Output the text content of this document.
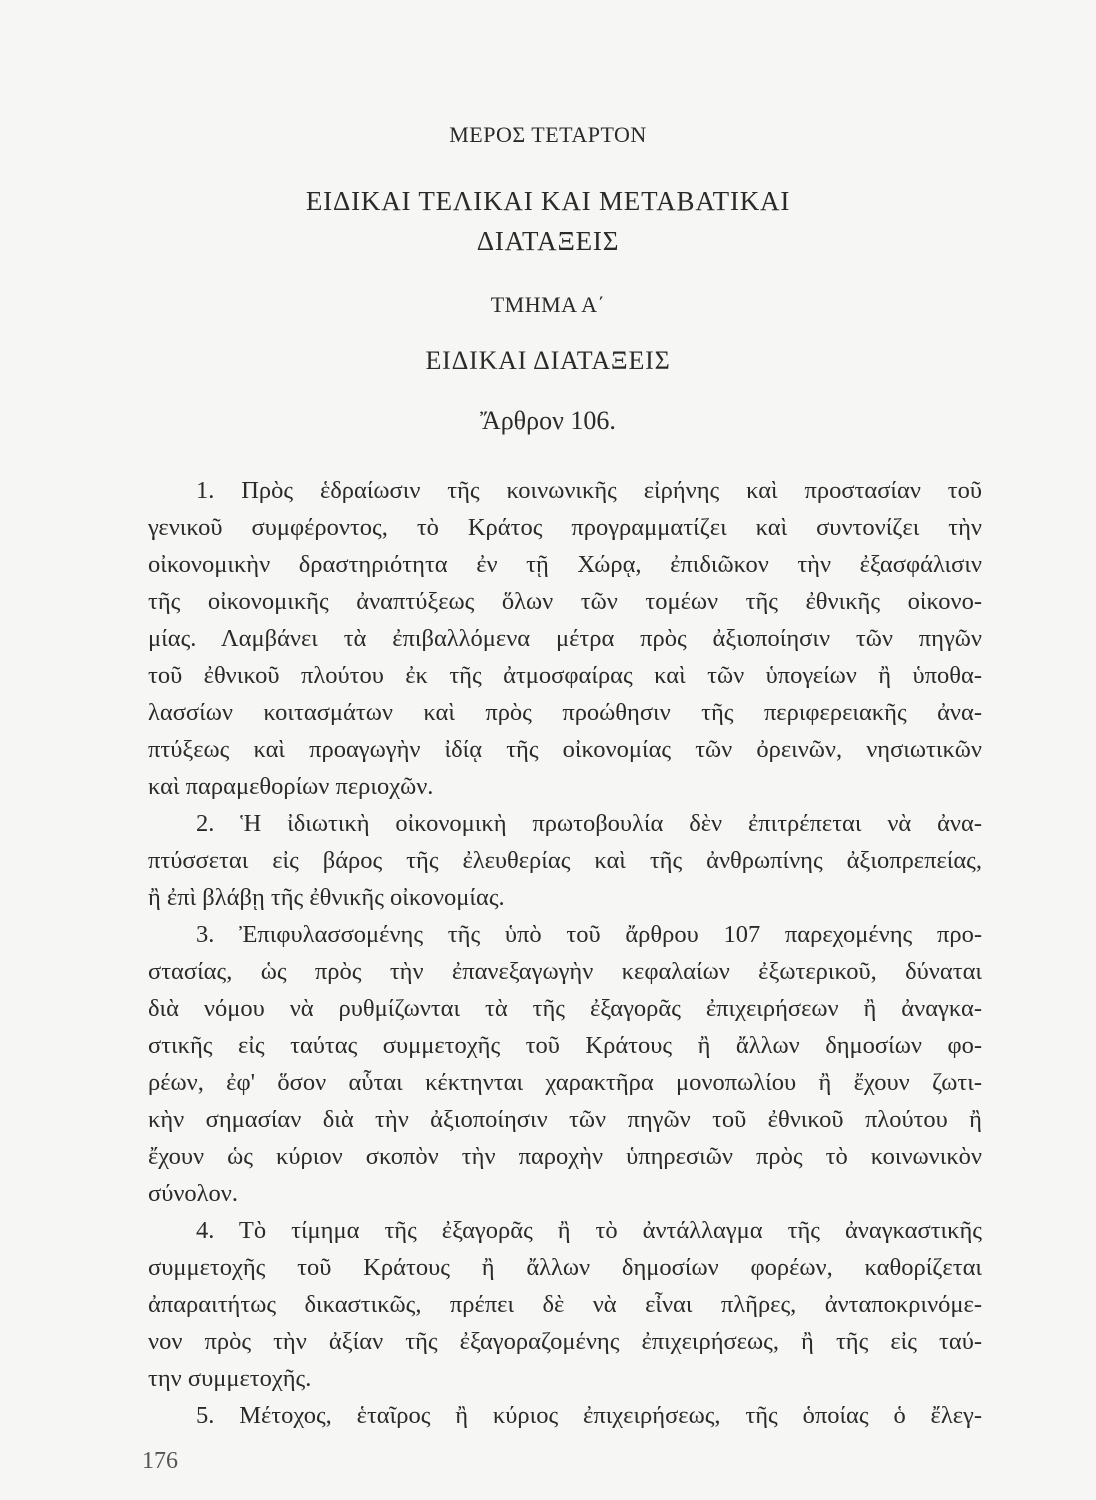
ΜΕΡΟΣ ΤΕΤΑΡΤΟΝ
ΕΙΔΙΚΑΙ ΤΕΛΙΚΑΙ ΚΑΙ ΜΕΤΑΒΑΤΙΚΑΙ
ΔΙΑΤΑΞΕΙΣ
ΤΜΗΜΑ Α΄
ΕΙΔΙΚΑΙ ΔΙΑΤΑΞΕΙΣ
Ἄρθρον 106.
1. Πρὸς ἑδραίωσιν τῆς κοινωνικῆς εἰρήνης καὶ προστασίαν τοῦ
γενικοῦ συμφέροντος, τὸ Κράτος προγραμματίζει καὶ συντονίζει τὴν
οἰκονομικὴν δραστηριότητα ἐν τῇ Χώρᾳ, ἐπιδιῶκον τὴν ἐξασφάλισιν
τῆς οἰκονομικῆς ἀναπτύξεως ὅλων τῶν τομέων τῆς ἐθνικῆς οἰκονο-
μίας. Λαμβάνει τὰ ἐπιβαλλόμενα μέτρα πρὸς ἀξιοποίησιν τῶν πηγῶν
τοῦ ἐθνικοῦ πλούτου ἐκ τῆς ἀτμοσφαίρας καὶ τῶν ὑπογείων ἢ ὑποθα-
λασσίων κοιτασμάτων καὶ πρὸς προώθησιν τῆς περιφερειακῆς ἀνα-
πτύξεως καὶ προαγωγὴν ἰδίᾳ τῆς οἰκονομίας τῶν ὀρεινῶν, νησιωτικῶν
καὶ παραμεθορίων περιοχῶν.
2. Ἡ ἰδιωτικὴ οἰκονομικὴ πρωτοβουλία δὲν ἐπιτρέπεται νὰ ἀνα-
πτύσσεται εἰς βάρος τῆς ἐλευθερίας καὶ τῆς ἀνθρωπίνης ἀξιοπρεπείας,
ἢ ἐπὶ βλάβῃ τῆς ἐθνικῆς οἰκονομίας.
3. Ἐπιφυλασσομένης τῆς ὑπὸ τοῦ ἄρθρου 107 παρεχομένης προ-
στασίας, ὡς πρὸς τὴν ἐπανεξαγωγὴν κεφαλαίων ἐξωτερικοῦ, δύναται
διὰ νόμου νὰ ρυθμίζωνται τὰ τῆς ἐξαγορᾶς ἐπιχειρήσεων ἢ ἀναγκα-
στικῆς εἰς ταύτας συμμετοχῆς τοῦ Κράτους ἢ ἄλλων δημοσίων φο-
ρέων, ἐφ' ὅσον αὗται κέκτηνται χαρακτῆρα μονοπωλίου ἢ ἔχουν ζωτι-
κὴν σημασίαν διὰ τὴν ἀξιοποίησιν τῶν πηγῶν τοῦ ἐθνικοῦ πλούτου ἢ
ἔχουν ὡς κύριον σκοπὸν τὴν παροχὴν ὑπηρεσιῶν πρὸς τὸ κοινωνικὸν
σύνολον.
4. Τὸ τίμημα τῆς ἐξαγορᾶς ἢ τὸ ἀντάλλαγμα τῆς ἀναγκαστικῆς
συμμετοχῆς τοῦ Κράτους ἢ ἄλλων δημοσίων φορέων, καθορίζεται
ἀπαραιτήτως δικαστικῶς, πρέπει δὲ νὰ εἶναι πλῆρες, ἀνταποκρινόμε-
νον πρὸς τὴν ἀξίαν τῆς ἐξαγοραζομένης ἐπιχειρήσεως, ἢ τῆς εἰς ταύ-
την συμμετοχῆς.
5. Μέτοχος, ἑταῖρος ἢ κύριος ἐπιχειρήσεως, τῆς ὁποίας ὁ ἔλεγ-
176
